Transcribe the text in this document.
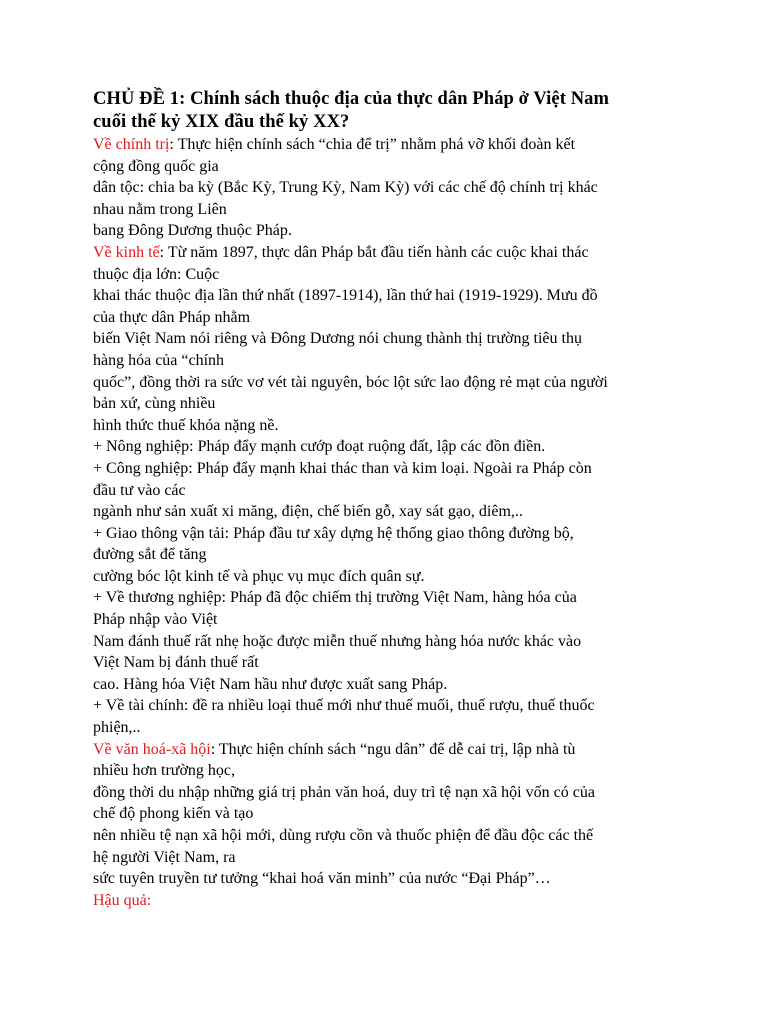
CHỦ ĐỀ 1: Chính sách thuộc địa của thực dân Pháp ở Việt Nam
cuối thế kỷ XIX đầu thế kỷ XX?

Về chính trị: Thực hiện chính sách “chia để trị” nhằm phá vỡ khối đoàn kết

cộng đồng quốc gia

dân tộc: chia ba kỳ (Bắc Kỳ, Trung Kỳ, Nam Kỳ) với các chế độ chính trị khác

nhau nằm trong Liên

bang Đông Dương thuộc Pháp.

Về kinh tế: Từ năm 1897, thực dân Pháp bắt đầu tiến hành các cuộc khai thác

thuộc địa lớn: Cuộc

khai thác thuộc địa lần thứ nhất (1897-1914), lần thứ hai (1919-1929). Mưu đồ

của thực dân Pháp nhằm

biến Việt Nam nói riêng và Đông Dương nói chung thành thị trường tiêu thụ

hàng hóa của “chính

quốc”, đồng thời ra sức vơ vét tài nguyên, bóc lột sức lao động rẻ mạt của người

bản xứ, cùng nhiều

hình thức thuế khóa nặng nề.

+ Nông nghiệp: Pháp đẩy mạnh cướp đoạt ruộng đất, lập các đồn điền.

+ Công nghiệp: Pháp đẩy mạnh khai thác than và kim loại. Ngoài ra Pháp còn

đầu tư vào các

ngành như sản xuất xi măng, điện, chế biến gỗ, xay sát gạo, diêm,..

+ Giao thông vận tải: Pháp đầu tư xây dựng hệ thống giao thông đường bộ,

đường sắt để tăng

cường bóc lột kinh tế và phục vụ mục đích quân sự.

+ Về thương nghiệp: Pháp đã độc chiếm thị trường Việt Nam, hàng hóa của

Pháp nhập vào Việt

Nam đánh thuế rất nhẹ hoặc được miễn thuế nhưng hàng hóa nước khác vào

Việt Nam bị đánh thuế rất

cao. Hàng hóa Việt Nam hầu như được xuất sang Pháp.

+ Về tài chính: đề ra nhiều loại thuế mới như thuế muối, thuế rượu, thuế thuốc

phiện,..

Về văn hoá-xã hội: Thực hiện chính sách “ngu dân” để dễ cai trị, lập nhà tù

nhiều hơn trường học,

đồng thời du nhập những giá trị phản văn hoá, duy trì tệ nạn xã hội vốn có của

chế độ phong kiến và tạo

nên nhiều tệ nạn xã hội mới, dùng rượu cồn và thuốc phiện để đầu độc các thế

hệ người Việt Nam, ra

sức tuyên truyền tư tưởng “khai hoá văn minh” của nước “Đại Pháp”…

Hậu quả:
